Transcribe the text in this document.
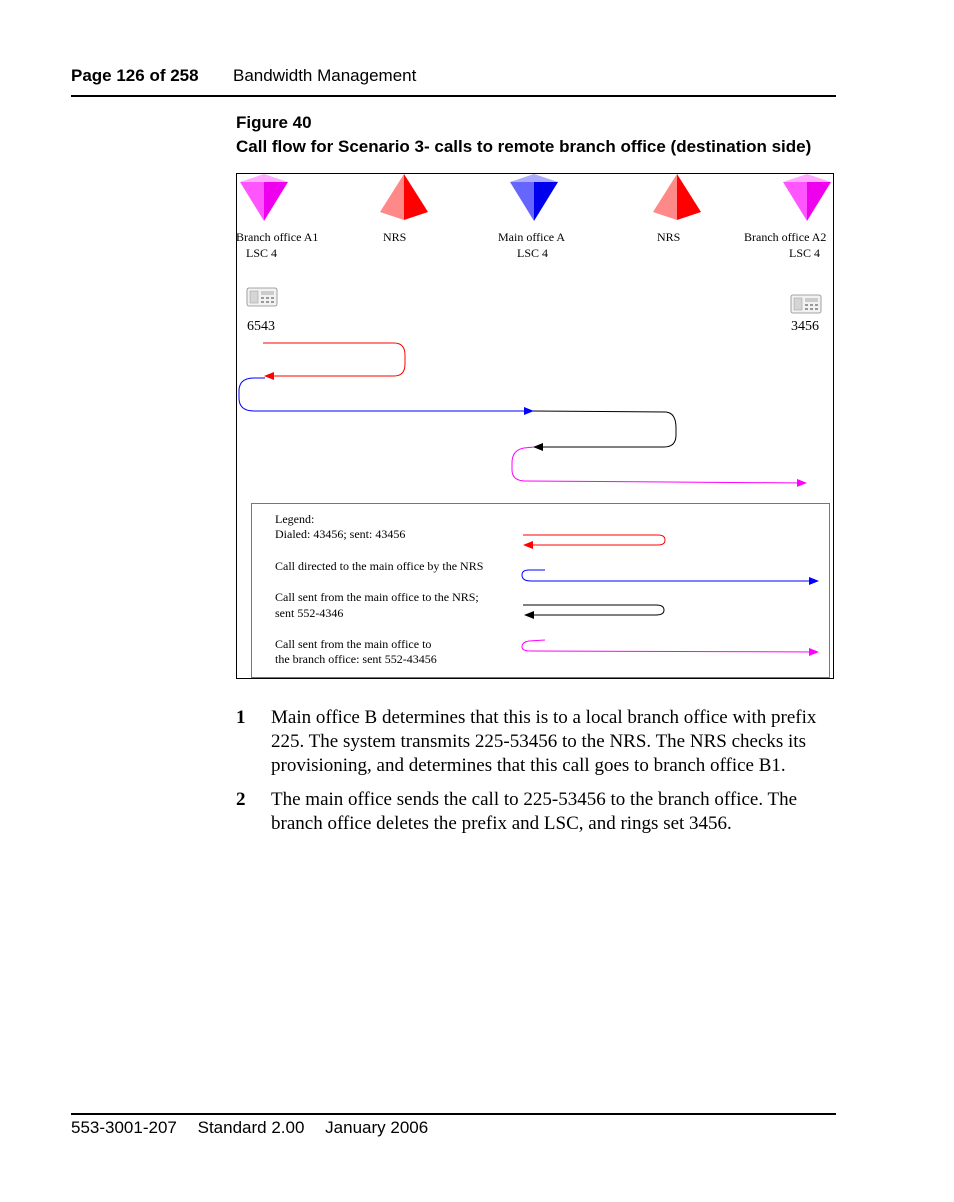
Page 126 of 258 Bandwidth Management
Figure 40
Call flow for Scenario 3- calls to remote branch office (destination side)
Branch office A1
LSC 4
NRS	Main office A
LSC 4
NRS	Branch office A2
LSC 4
6543	3456
Legend:
Dialed: 43456; sent: 43456
Call directed to the main office by the NRS
Call sent from the main office to the NRS;
sent 552-4346
Call sent from the main office to
the branch office: sent 552-43456
1 Main office B determines that this is to a local branch office with prefix 225. The system transmits 225-53456 to the NRS. The NRS checks its provisioning, and determines that this call goes to branch office B1.
2 The main office sends the call to 225-53456 to the branch office. The branch office deletes the prefix and LSC, and rings set 3456.
553-3001-207 Standard 2.00 January 2006
